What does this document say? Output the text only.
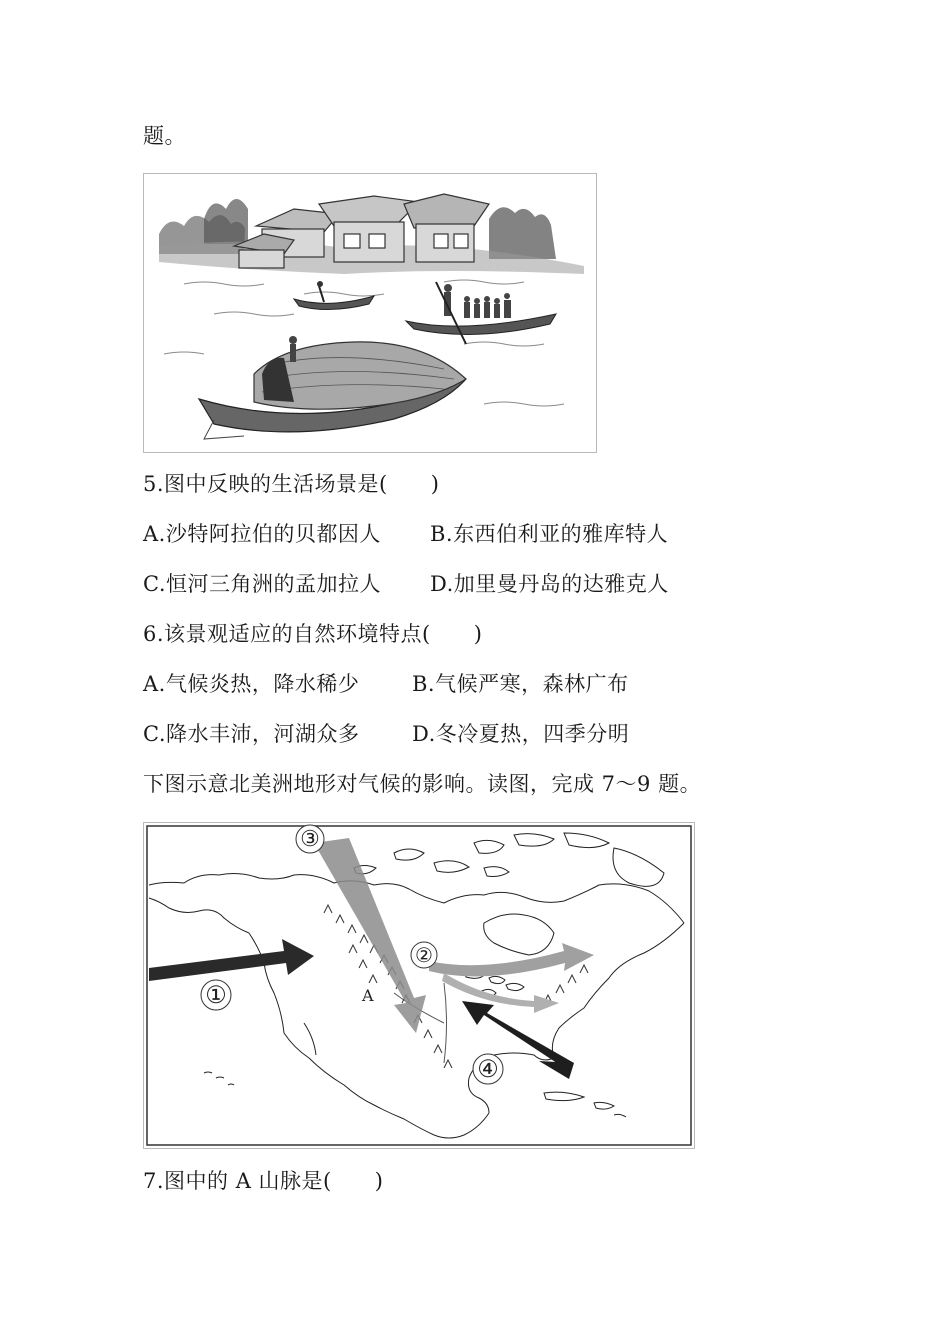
题。
5.图中反映的生活场景是(　　)
A.沙特阿拉伯的贝都因人 B.东西伯利亚的雅库特人
C.恒河三角洲的孟加拉人 D.加里曼丹岛的达雅克人
6.该景观适应的自然环境特点(　　)
A.气候炎热，降水稀少	B.气候严寒，森林广布
C.降水丰沛，河湖众多	D.冬冷夏热，四季分明
下图示意北美洲地形对气候的影响。读图，完成 7～9 题。
③
②
①
④
A
7.图中的 A 山脉是(　　)
